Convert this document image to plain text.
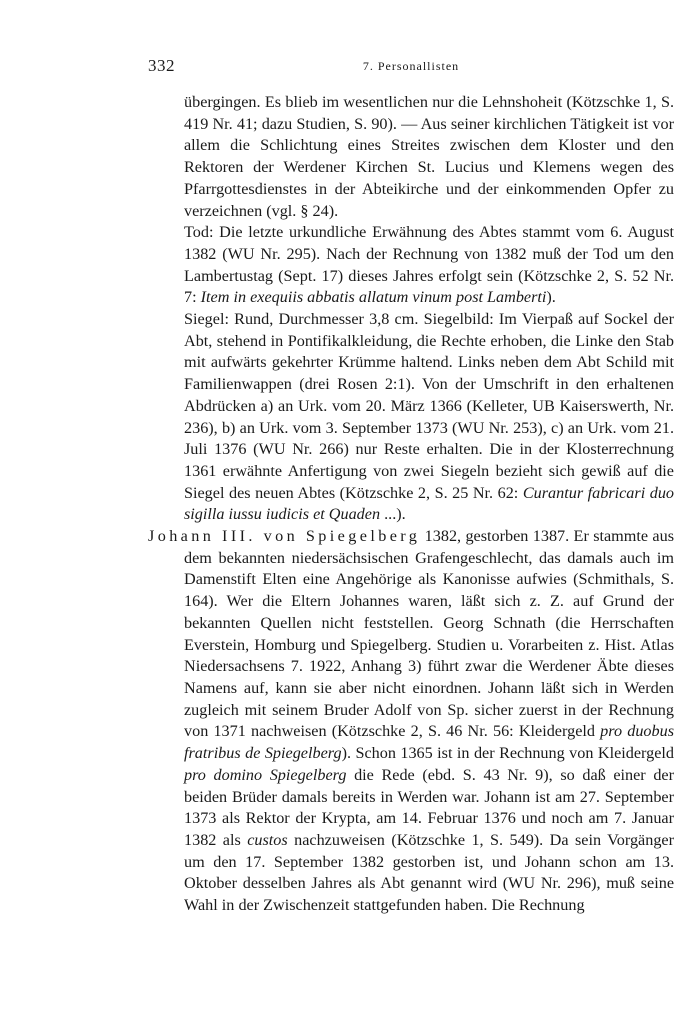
332	7. Personallisten

übergingen. Es blieb im wesentlichen nur die Lehnshoheit (Kötzschke 1, S. 419 Nr. 41; dazu Studien, S. 90). — Aus seiner kirchlichen Tätigkeit ist vor allem die Schlichtung eines Streites zwischen dem Kloster und den Rektoren der Werdener Kirchen St. Lucius und Klemens wegen des Pfarrgottesdienstes in der Abteikirche und der einkommenden Opfer zu verzeichnen (vgl. § 24).

Tod: Die letzte urkundliche Erwähnung des Abtes stammt vom 6. August 1382 (WU Nr. 295). Nach der Rechnung von 1382 muß der Tod um den Lambertustag (Sept. 17) dieses Jahres erfolgt sein (Kötzschke 2, S. 52 Nr. 7: Item in exequiis abbatis allatum vinum post Lamberti).

Siegel: Rund, Durchmesser 3,8 cm. Siegelbild: Im Vierpaß auf Sockel der Abt, stehend in Pontifikalkleidung, die Rechte erhoben, die Linke den Stab mit aufwärts gekehrter Krümme haltend. Links neben dem Abt Schild mit Familienwappen (drei Rosen 2:1). Von der Umschrift in den erhaltenen Abdrücken a) an Urk. vom 20. März 1366 (Kelleter, UB Kaiserswerth, Nr. 236), b) an Urk. vom 3. September 1373 (WU Nr. 253), c) an Urk. vom 21. Juli 1376 (WU Nr. 266) nur Reste erhalten. Die in der Klosterrechnung 1361 erwähnte Anfertigung von zwei Siegeln bezieht sich gewiß auf die Siegel des neuen Abtes (Kötzschke 2, S. 25 Nr. 62: Curantur fabricari duo sigilla iussu iudicis et Quaden ...).

Johann III. von Spiegelberg 1382, gestorben 1387. Er stammte aus dem bekannten niedersächsischen Grafengeschlecht, das damals auch im Damenstift Elten eine Angehörige als Kanonisse aufwies (Schmithals, S. 164). Wer die Eltern Johannes waren, läßt sich z. Z. auf Grund der bekannten Quellen nicht feststellen. Georg Schnath (die Herrschaften Everstein, Homburg und Spiegelberg. Studien u. Vorarbeiten z. Hist. Atlas Niedersachsens 7. 1922, Anhang 3) führt zwar die Werdener Äbte dieses Namens auf, kann sie aber nicht einordnen. Johann läßt sich in Werden zugleich mit seinem Bruder Adolf von Sp. sicher zuerst in der Rechnung von 1371 nachweisen (Kötzschke 2, S. 46 Nr. 56: Kleidergeld pro duobus fratribus de Spiegelberg). Schon 1365 ist in der Rechnung von Kleidergeld pro domino Spiegelberg die Rede (ebd. S. 43 Nr. 9), so daß einer der beiden Brüder damals bereits in Werden war. Johann ist am 27. September 1373 als Rektor der Krypta, am 14. Februar 1376 und noch am 7. Januar 1382 als custos nachzuweisen (Kötzschke 1, S. 549). Da sein Vorgänger um den 17. September 1382 gestorben ist, und Johann schon am 13. Oktober desselben Jahres als Abt genannt wird (WU Nr. 296), muß seine Wahl in der Zwischenzeit stattgefunden haben. Die Rechnung
